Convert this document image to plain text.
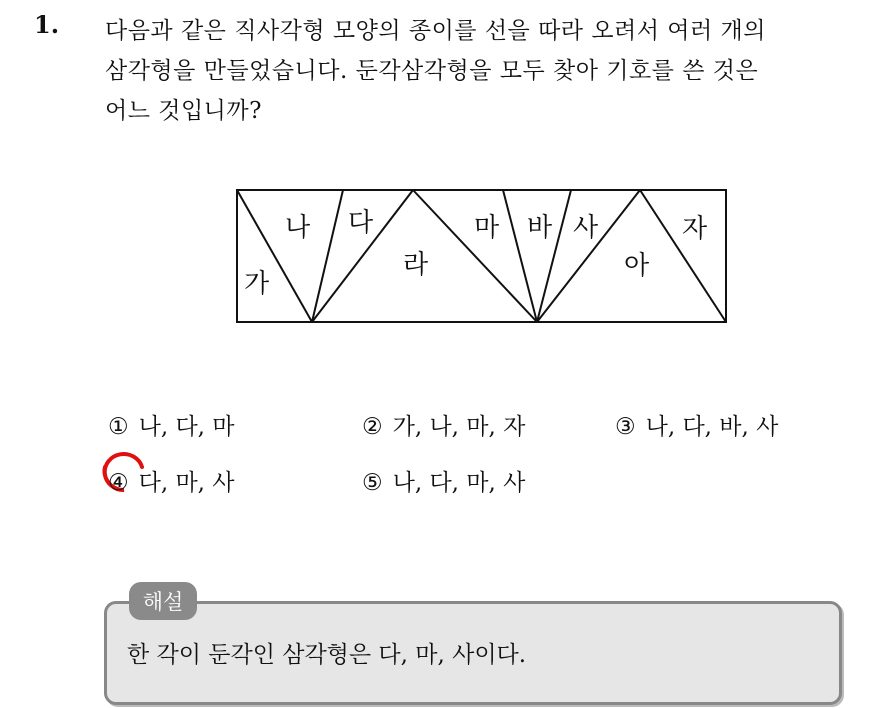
1. 다음과 같은 직사각형 모양의 종이를 선을 따라 오려서 여러 개의
삼각형을 만들었습니다. 둔각삼각형을 모두 찾아 기호를 쓴 것은
어느 것입니까?
가
나 다
라
마 바 사
아
자
① 나, 다, 마	② 가, 나, 마, 자	③ 나, 다, 바, 사
④ 다, 마, 사	⑤ 나, 다, 마, 사
해설
한 각이 둔각인 삼각형은 다, 마, 사이다.
